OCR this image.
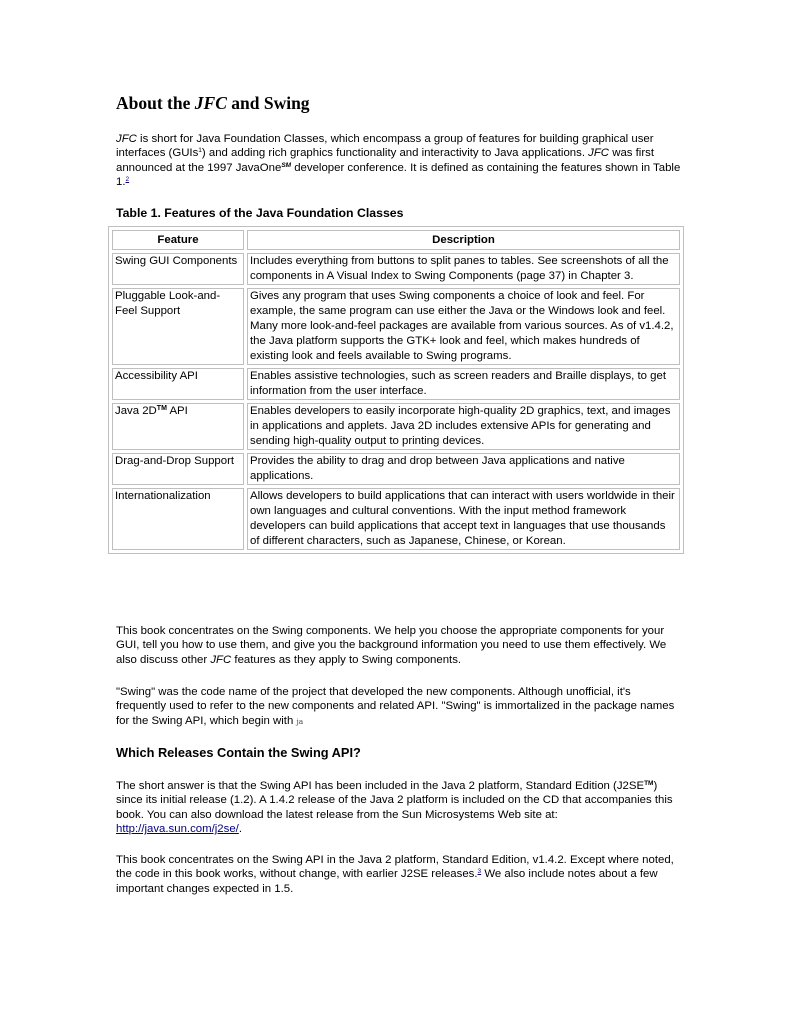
About the JFC and Swing
JFC is short for Java Foundation Classes, which encompass a group of features for building graphical user interfaces (GUIs$^1$) and adding rich graphics functionality and interactivity to Java applications. JFC was first announced at the 1997 JavaOne℠ developer conference. It is defined as containing the features shown in Table 1.$^2$
Table 1. Features of the Java Foundation Classes
Feature	Description
Swing GUI Components	Includes everything from buttons to split panes to tables. See screenshots of all the components in A Visual Index to Swing Components (page 37) in Chapter 3.
Pluggable Look-and-Feel Support	Gives any program that uses Swing components a choice of look and feel. For example, the same program can use either the Java or the Windows look and feel. Many more look-and-feel packages are available from various sources. As of v1.4.2, the Java platform supports the GTK+ look and feel, which makes hundreds of existing look and feels available to Swing programs.
Accessibility API	Enables assistive technologies, such as screen readers and Braille displays, to get information from the user interface.
Java 2D™ API	Enables developers to easily incorporate high-quality 2D graphics, text, and images in applications and applets. Java 2D includes extensive APIs for generating and sending high-quality output to printing devices.
Drag-and-Drop Support	Provides the ability to drag and drop between Java applications and native applications.
Internationalization	Allows developers to build applications that can interact with users worldwide in their own languages and cultural conventions. With the input method framework developers can build applications that accept text in languages that use thousands of different characters, such as Japanese, Chinese, or Korean.
This book concentrates on the Swing components. We help you choose the appropriate components for your GUI, tell you how to use them, and give you the background information you need to use them effectively. We also discuss other JFC features as they apply to Swing components.
"Swing" was the code name of the project that developed the new components. Although unofficial, it's frequently used to refer to the new components and related API. "Swing" is immortalized in the package names for the Swing API, which begin with ja
Which Releases Contain the Swing API?
The short answer is that the Swing API has been included in the Java 2 platform, Standard Edition (J2SE™) since its initial release (1.2). A 1.4.2 release of the Java 2 platform is included on the CD that accompanies this book. You can also download the latest release from the Sun Microsystems Web site at: http://java.sun.com/j2se/.
This book concentrates on the Swing API in the Java 2 platform, Standard Edition, v1.4.2. Except where noted, the code in this book works, without change, with earlier J2SE releases.$^3$ We also include notes about a few important changes expected in 1.5.
